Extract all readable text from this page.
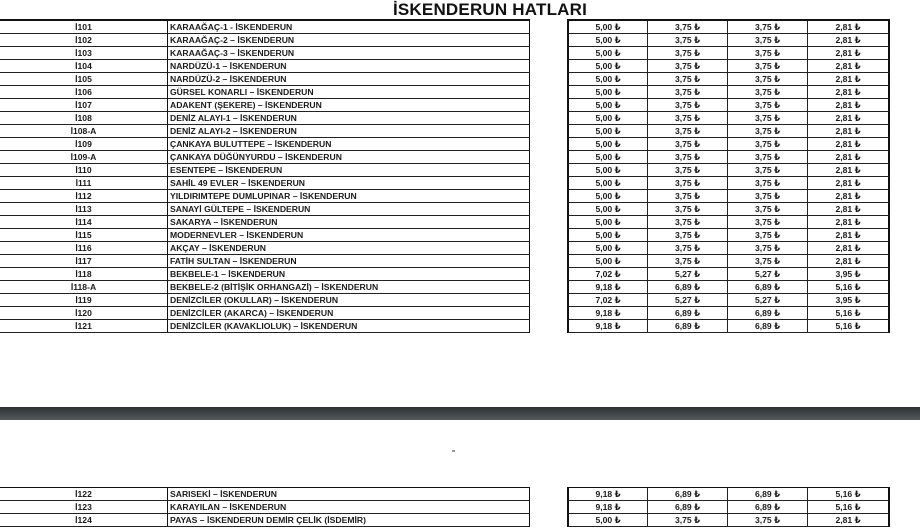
İSKENDERUN HATLARI
İ101	KARAAĞAÇ-1 - İSKENDERUN	5,00 ₺	3,75 ₺	3,75 ₺	2,81 ₺
İ102	KARAAĞAÇ-2 – İSKENDERUN	5,00 ₺	3,75 ₺	3,75 ₺	2,81 ₺
İ103	KARAAĞAÇ-3 – İSKENDERUN	5,00 ₺	3,75 ₺	3,75 ₺	2,81 ₺
İ104	NARDÜZÜ-1 – İSKENDERUN	5,00 ₺	3,75 ₺	3,75 ₺	2,81 ₺
İ105	NARDÜZÜ-2 – İSKENDERUN	5,00 ₺	3,75 ₺	3,75 ₺	2,81 ₺
İ106	GÜRSEL KONARLI – İSKENDERUN	5,00 ₺	3,75 ₺	3,75 ₺	2,81 ₺
İ107	ADAKENT (ŞEKERE) – İSKENDERUN	5,00 ₺	3,75 ₺	3,75 ₺	2,81 ₺
İ108	DENİZ ALAYI-1 – İSKENDERUN	5,00 ₺	3,75 ₺	3,75 ₺	2,81 ₺
İ108-A	DENİZ ALAYI-2 – İSKENDERUN	5,00 ₺	3,75 ₺	3,75 ₺	2,81 ₺
İ109	ÇANKAYA BULUTTEPE – İSKENDERUN	5,00 ₺	3,75 ₺	3,75 ₺	2,81 ₺
İ109-A	ÇANKAYA DÜĞÜNYURDU – İSKENDERUN	5,00 ₺	3,75 ₺	3,75 ₺	2,81 ₺
İ110	ESENTEPE – İSKENDERUN	5,00 ₺	3,75 ₺	3,75 ₺	2,81 ₺
İ111	SAHİL 49 EVLER – İSKENDERUN	5,00 ₺	3,75 ₺	3,75 ₺	2,81 ₺
İ112	YILDIRIMTEPE DUMLUPINAR – İSKENDERUN	5,00 ₺	3,75 ₺	3,75 ₺	2,81 ₺
İ113	SANAYİ GÜLTEPE – İSKENDERUN	5,00 ₺	3,75 ₺	3,75 ₺	2,81 ₺
İ114	SAKARYA – İSKENDERUN	5,00 ₺	3,75 ₺	3,75 ₺	2,81 ₺
İ115	MODERNEVLER – İSKENDERUN	5,00 ₺	3,75 ₺	3,75 ₺	2,81 ₺
İ116	AKÇAY – İSKENDERUN	5,00 ₺	3,75 ₺	3,75 ₺	2,81 ₺
İ117	FATİH SULTAN – İSKENDERUN	5,00 ₺	3,75 ₺	3,75 ₺	2,81 ₺
İ118	BEKBELE-1 – İSKENDERUN	7,02 ₺	5,27 ₺	5,27 ₺	3,95 ₺
İ118-A	BEKBELE-2 (BİTİŞİK ORHANGAZİ) – İSKENDERUN	9,18 ₺	6,89 ₺	6,89 ₺	5,16 ₺
İ119	DENİZCİLER (OKULLAR) – İSKENDERUN	7,02 ₺	5,27 ₺	5,27 ₺	3,95 ₺
İ120	DENİZCİLER (AKARCA) – İSKENDERUN	9,18 ₺	6,89 ₺	6,89 ₺	5,16 ₺
İ121	DENİZCİLER (KAVAKLIOLUK) – İSKENDERUN	9,18 ₺	6,89 ₺	6,89 ₺	5,16 ₺
İ122	SARISEKİ – İSKENDERUN	9,18 ₺	6,89 ₺	6,89 ₺	5,16 ₺
İ123	KARAYILAN – İSKENDERUN	9,18 ₺	6,89 ₺	6,89 ₺	5,16 ₺
İ124	PAYAS – İSKENDERUN DEMİR ÇELİK (İSDEMİR)	5,00 ₺	3,75 ₺	3,75 ₺	2,81 ₺
